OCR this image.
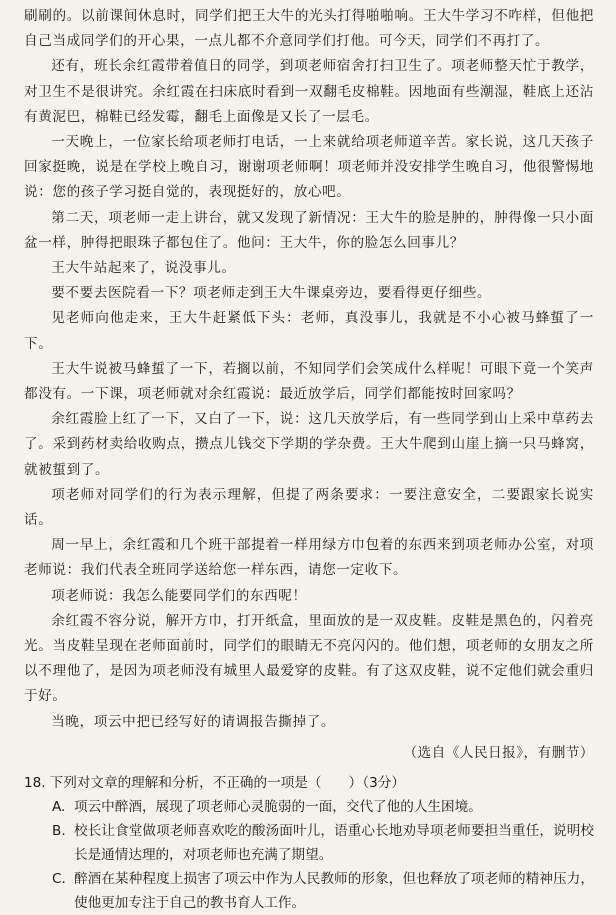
刷刷的。以前课间休息时，同学们把王大牛的光头打得啪啪响。王大牛学习不咋样，但他把自己当成同学们的开心果，一点儿都不介意同学们打他。可今天，同学们不再打了。

还有，班长余红霞带着值日的同学，到项老师宿舍打扫卫生了。项老师整天忙于教学，对卫生不是很讲究。余红霞在扫床底时看到一双翻毛皮棉鞋。因地面有些潮湿，鞋底上还沾有黄泥巴，棉鞋已经发霉，翻毛上面像是又长了一层毛。

一天晚上，一位家长给项老师打电话，一上来就给项老师道辛苦。家长说，这几天孩子回家挺晚，说是在学校上晚自习，谢谢项老师啊！项老师并没安排学生晚自习，他很警惕地说：您的孩子学习挺自觉的，表现挺好的，放心吧。

第二天，项老师一走上讲台，就又发现了新情况：王大牛的脸是肿的，肿得像一只小面盆一样，肿得把眼珠子都包住了。他问：王大牛，你的脸怎么回事儿？

王大牛站起来了，说没事儿。

要不要去医院看一下？项老师走到王大牛课桌旁边，要看得更仔细些。

见老师向他走来，王大牛赶紧低下头：老师，真没事儿，我就是不小心被马蜂蜇了一下。

王大牛说被马蜂蜇了一下，若搁以前，不知同学们会笑成什么样呢！可眼下竟一个笑声都没有。一下课，项老师就对余红霞说：最近放学后，同学们都能按时回家吗？

余红霞脸上红了一下，又白了一下，说：这几天放学后，有一些同学到山上采中草药去了。采到药材卖给收购点，攒点儿钱交下学期的学杂费。王大牛爬到山崖上摘一只马蜂窝，就被蜇到了。

项老师对同学们的行为表示理解，但提了两条要求：一要注意安全，二要跟家长说实话。

周一早上，余红霞和几个班干部提着一样用绿方巾包着的东西来到项老师办公室，对项老师说：我们代表全班同学送给您一样东西，请您一定收下。

项老师说：我怎么能要同学们的东西呢！

余红霞不容分说，解开方巾，打开纸盒，里面放的是一双皮鞋。皮鞋是黑色的，闪着亮光。当皮鞋呈现在老师面前时，同学们的眼睛无不亮闪闪的。他们想，项老师的女朋友之所以不理他了，是因为项老师没有城里人最爱穿的皮鞋。有了这双皮鞋，说不定他们就会重归于好。

当晚，项云中把已经写好的请调报告撕掉了。

（选自《人民日报》，有删节）

18. 下列对文章的理解和分析，不正确的一项是（　　）（3分）

A. 项云中醉酒，展现了项老师心灵脆弱的一面，交代了他的人生困境。
B. 校长让食堂做项老师喜欢吃的酸汤面叶儿，语重心长地劝导项老师要担当重任，说明校长是通情达理的，对项老师也充满了期望。
C. 醉酒在某种程度上损害了项云中作为人民教师的形象，但也释放了项老师的精神压力，使他更加专注于自己的教书育人工作。
